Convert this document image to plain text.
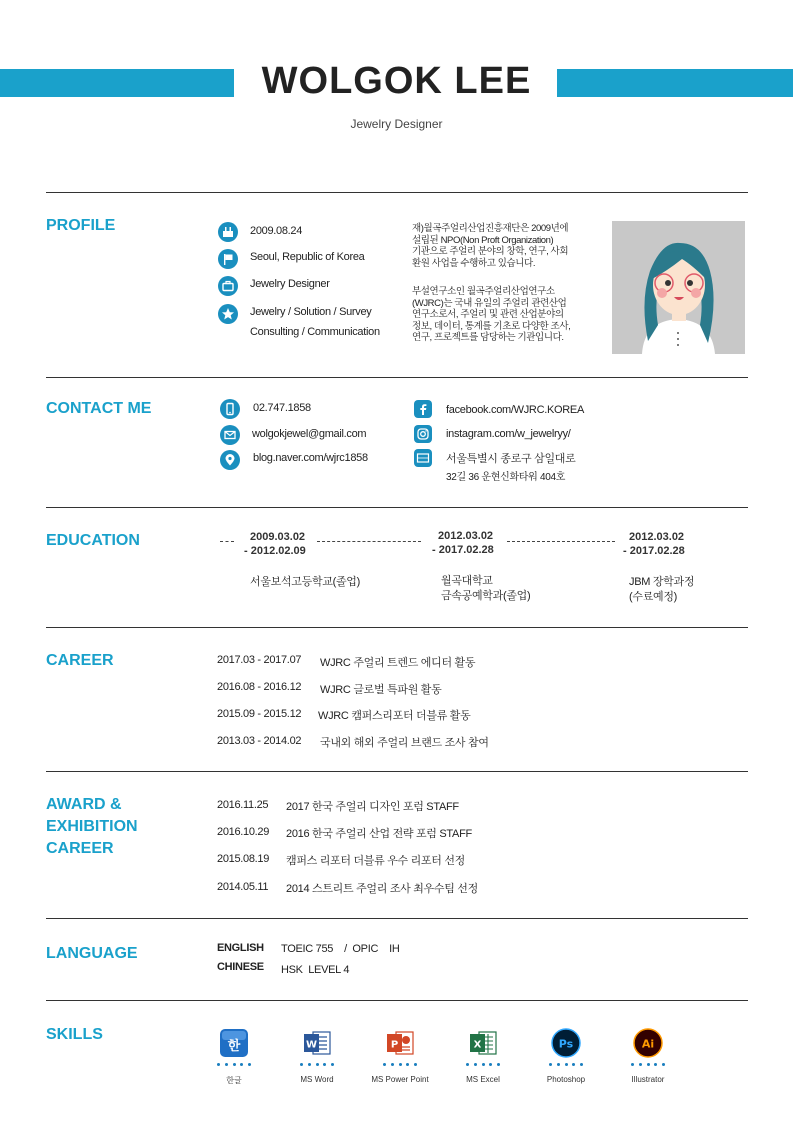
WOLGOK LEE
Jewelry Designer
PROFILE	2009.08.24
Seoul, Republic of Korea
Jewelry Designer
Jewelry / Solution / Survey
Consulting / Communication
재)월곡주얼리산업진흥재단은 2009년에
설립된 NPO(Non Proft Organization)
기관으로 주얼리 분야의 창학, 연구, 사회
환원 사업을 수행하고 있습니다.
부설연구소인 월곡주얼리산업연구소
(WJRC)는 국내 유일의 주얼리 관련산업
연구소로서, 주얼리 및 관련 산업분야의
정보, 데이터, 통계를 기초로 다양한 조사,
연구, 프로젝트를 담당하는 기관입니다.
CONTACT ME	02.747.1858
wolgokjewel@gmail.com
blog.naver.com/wjrc1858
facebook.com/WJRC.KOREA
instagram.com/w_jewelryy/
서울특별시 종로구 삼일대로
32길 36 운현신화타워 404호
EDUCATION	2009.03.02
- 2012.02.09
서울보석고등학교(졸업)
2012.03.02
- 2017.02.28
월곡대학교
금속공예학과(졸업)
2012.03.02
- 2017.02.28
JBM 장학과정
(수료예정)
CAREER	2017.03 - 2017.07 WJRC 주얼리 트렌드 에디터 활동
2016.08 - 2016.12 WJRC 글로벌 특파원 활동
2015.09 - 2015.12 WJRC 캠퍼스리포터 더블류 활동
2013.03 - 2014.02 국내외 해외 주얼리 브랜드 조사 참여
AWARD &
EXHIBITION
CAREER
2016.11.25 2017 한국 주얼리 디자인 포럼 STAFF
2016.10.29 2016 한국 주얼리 산업 전략 포럼 STAFF
2015.08.19 캠퍼스 리포터 더블류 우수 리포터 선정
2014.05.11 2014 스트리트 주얼리 조사 최우수팀 선정
LANGUAGE	ENGLISH TOEIC 755    /  OPIC    IH
CHINESE HSK  LEVEL 4
SKILLS
한
한글
W
MS Word
P
MS Power Point
X
MS Excel
Ps
Photoshop
Ai
Illustrator
